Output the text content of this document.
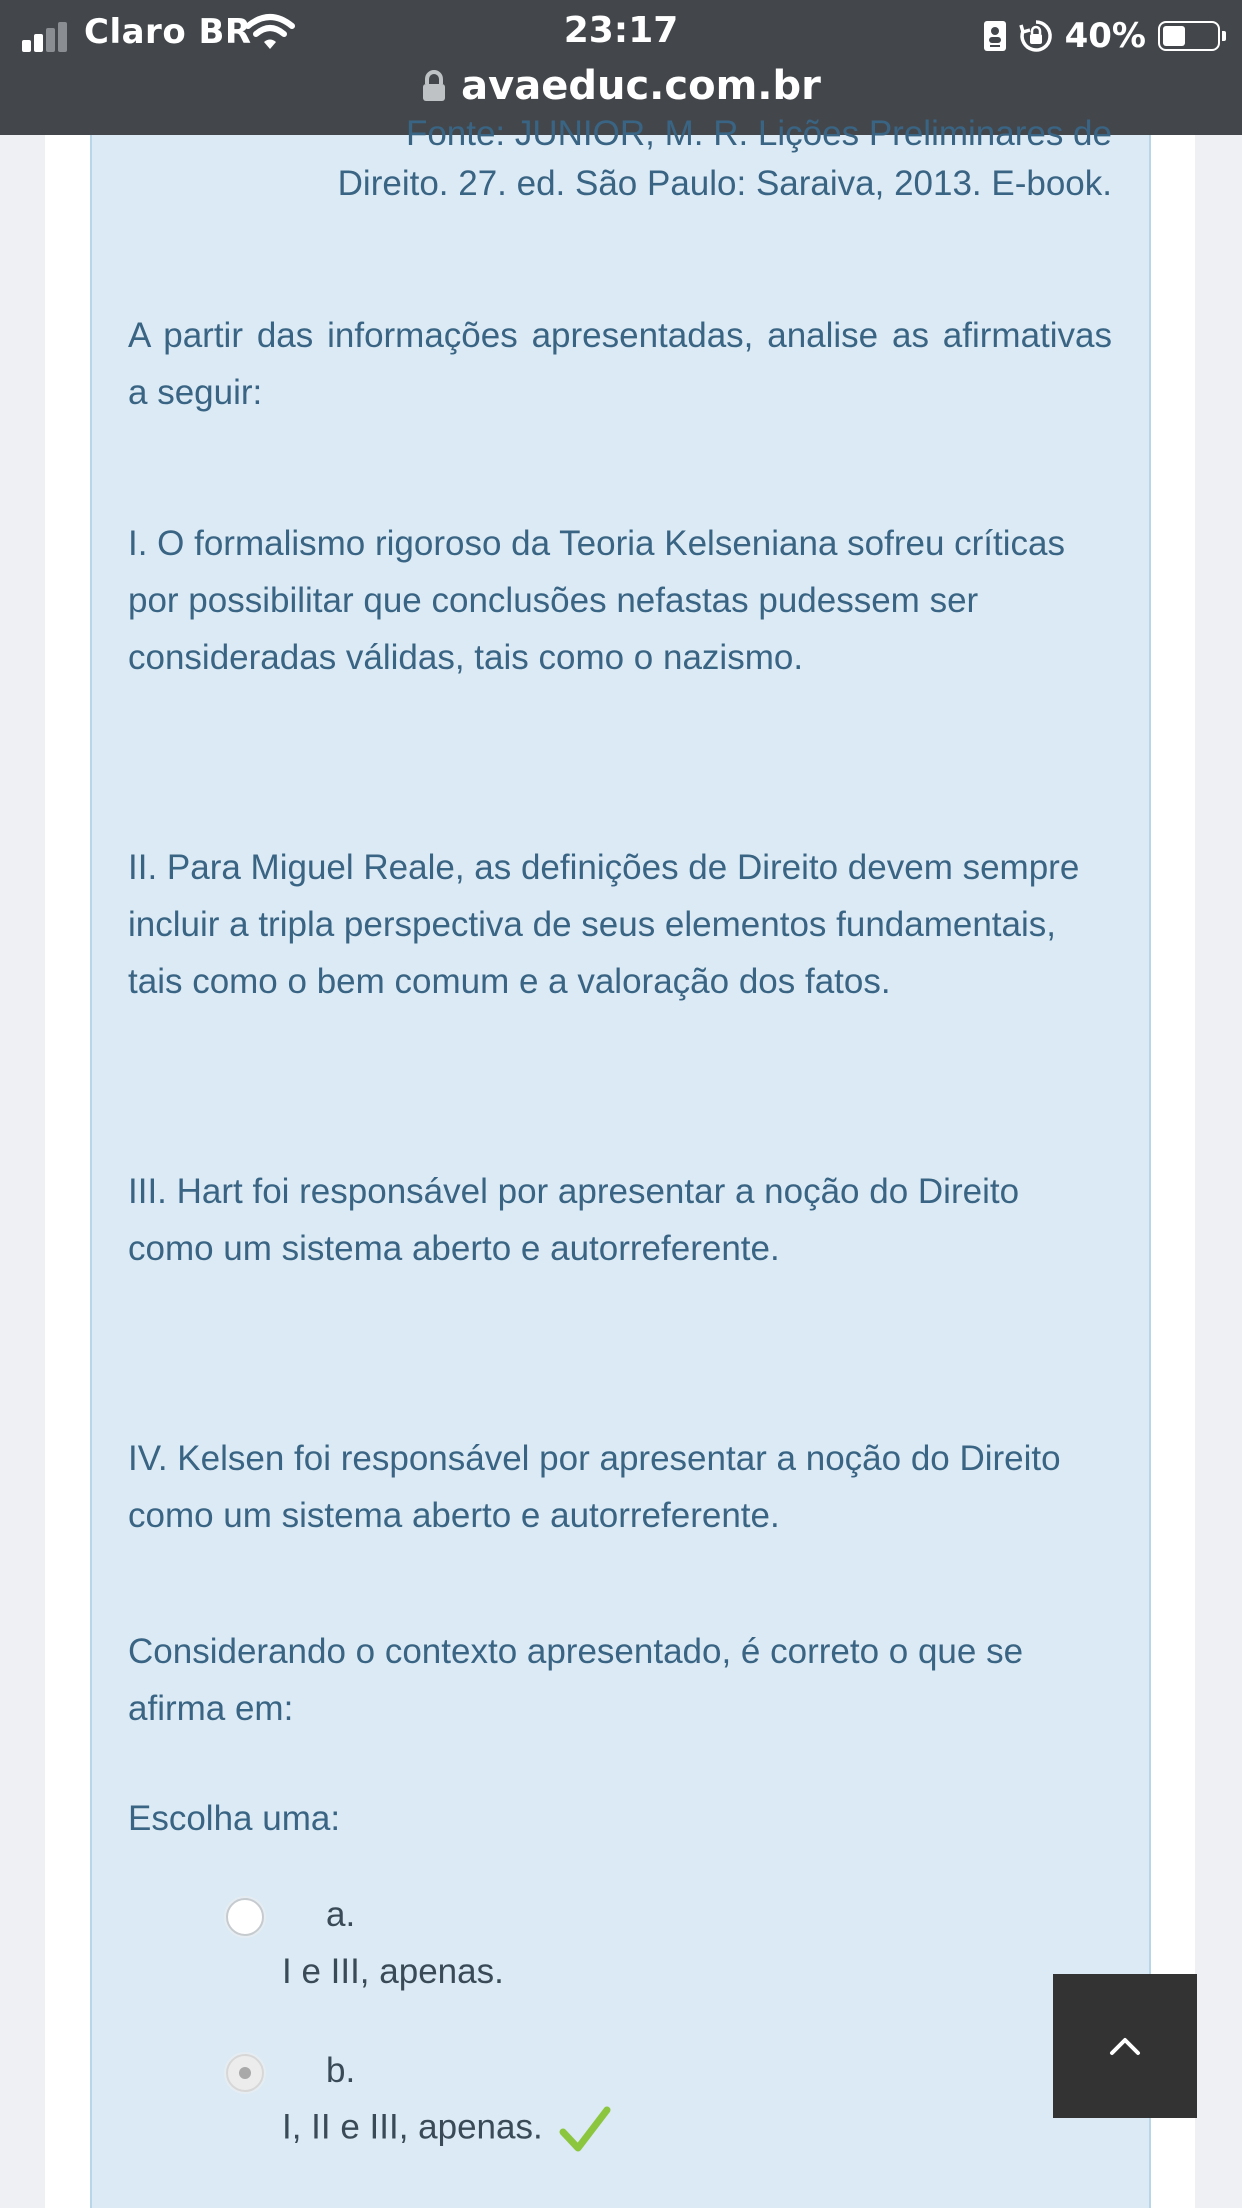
Claro BR	23:17	40%
avaeduc.com.br
Fonte: JUNIOR, M. R. Lições Preliminares de
Direito. 27. ed. São Paulo: Saraiva, 2013. E-book.
A partir das informações apresentadas, analise as afirmativas a seguir:
I. O formalismo rigoroso da Teoria Kelseniana sofreu críticas por possibilitar que conclusões nefastas pudessem ser consideradas válidas, tais como o nazismo.
II. Para Miguel Reale, as definições de Direito devem sempre incluir a tripla perspectiva de seus elementos fundamentais, tais como o bem comum e a valoração dos fatos.
III. Hart foi responsável por apresentar a noção do Direito como um sistema aberto e autorreferente.
IV. Kelsen foi responsável por apresentar a noção do Direito como um sistema aberto e autorreferente.
Considerando o contexto apresentado, é correto o que se afirma em:
Escolha uma:
a.
I e III, apenas.
b.
I, II e III, apenas.
